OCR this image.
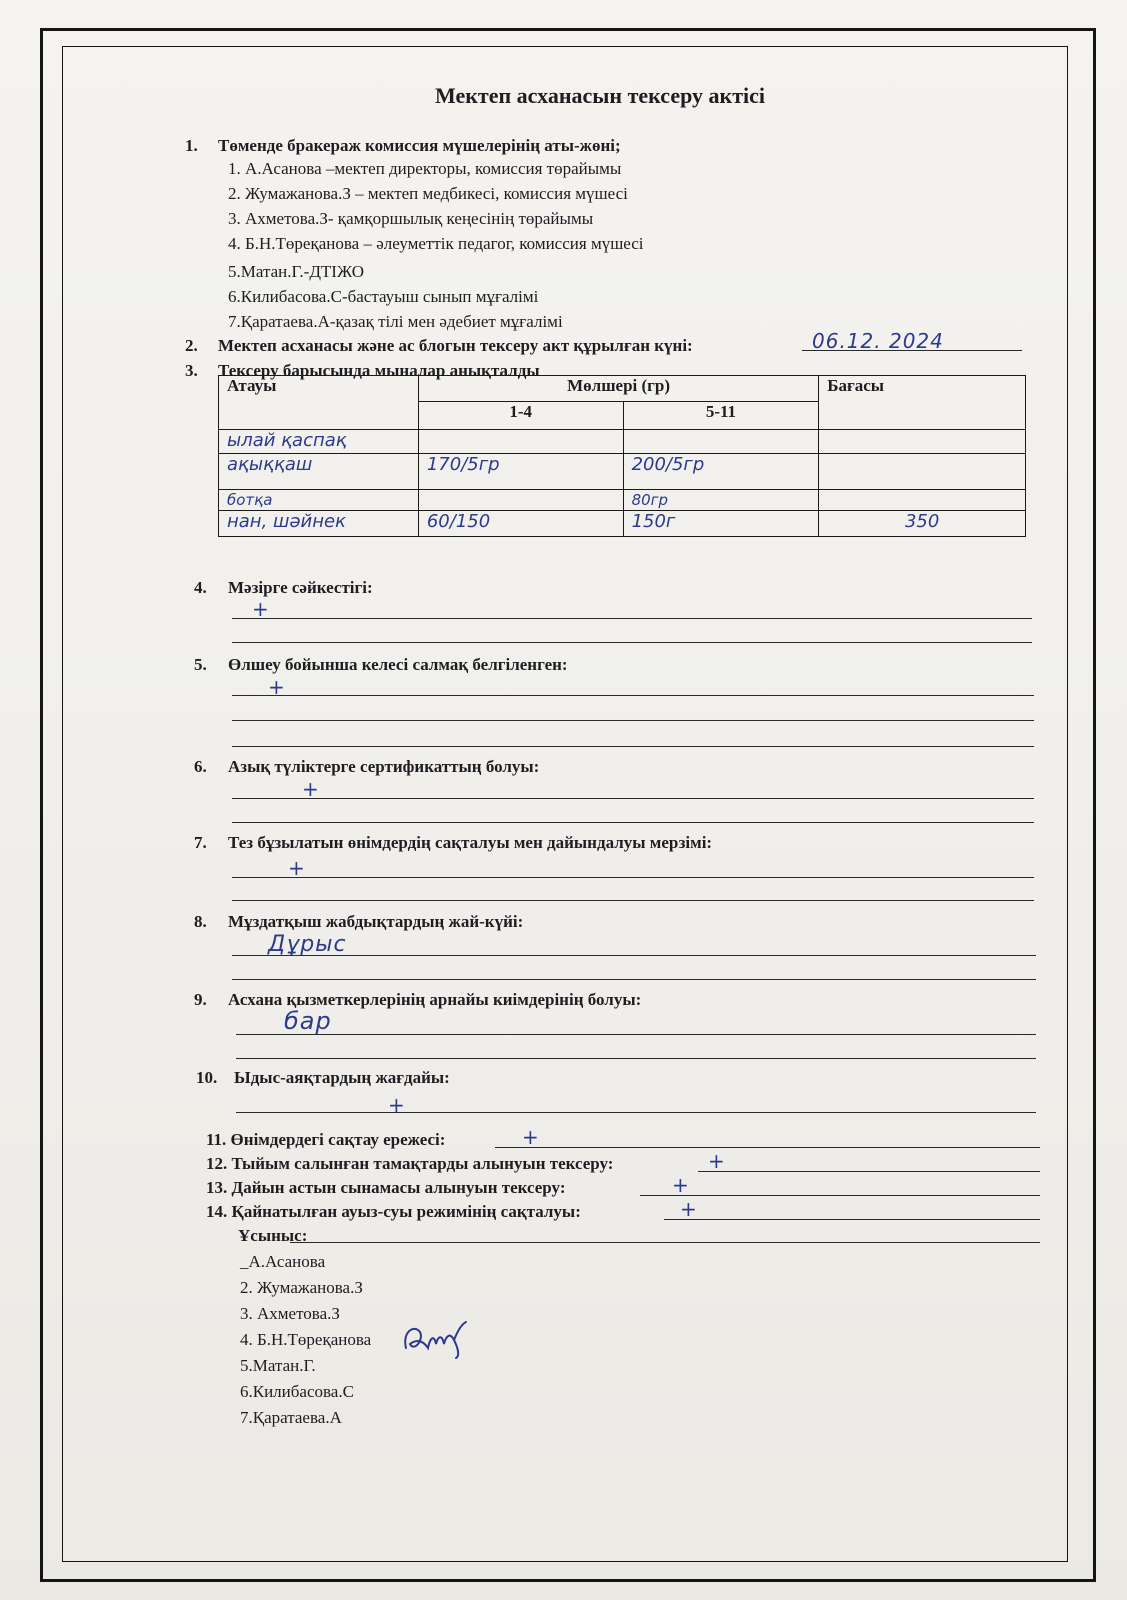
Мектеп асханасын тексеру актісі
1. Төменде бракераж комиссия мүшелерінің аты-жөні;
1. А.Асанова –мектеп директоры, комиссия төрайымы
2. Жумажанова.З – мектеп медбикесі, комиссия мүшесі
3. Ахметова.З- қамқоршылық кеңесінің төрайымы
4. Б.Н.Төреқанова – әлеуметтік педагог, комиссия мүшесі
5.Матан.Г.-ДТІЖО
6.Килибасова.С-бастауыш сынып мұғалімі
7.Қаратаева.А-қазақ тілі мен әдебиет мұғалімі
2. Мектеп асханасы және ас блогын тексеру акт құрылған күні:	06.12. 2024
3. Тексеру барысында мыналар анықталды
Атауы	Мөлшері (гр)		Бағасы
	1-4	5-11	
ылай қаспақ			
ақыққаш	170/5гр	200/5гр	
ботқа		80гр	
нан, шәйнек	60/150	150г	350
4. Мәзірге сәйкестігі:
+
5. Өлшеу бойынша келесі салмақ белгіленген:
+
6. Азық түліктерге сертификаттың болуы:
+
7. Тез бұзылатын өнімдердің сақталуы мен дайындалуы мерзімі:
+
8. Мұздатқыш жабдықтардың жай-күйі:
Дұрыс
9. Асхана қызметкерлерінің арнайы киімдерінің болуы:
бар
10. Ыдыс-аяқтардың жағдайы:
+
11. Өнімдердегі сақтау ережесі:	+
12. Тыйым салынған тамақтарды алынуын тексеру:	+
13. Дайын астын сынамасы алынуын тексеру:	+
14. Қайнатылған ауыз-суы режимінің сақталуы:	+
Ұсыныс:
_А.Асанова
2. Жумажанова.З
3. Ахметова.З
4. Б.Н.Төреқанова
5.Матан.Г.
6.Килибасова.С
7.Қаратаева.А
